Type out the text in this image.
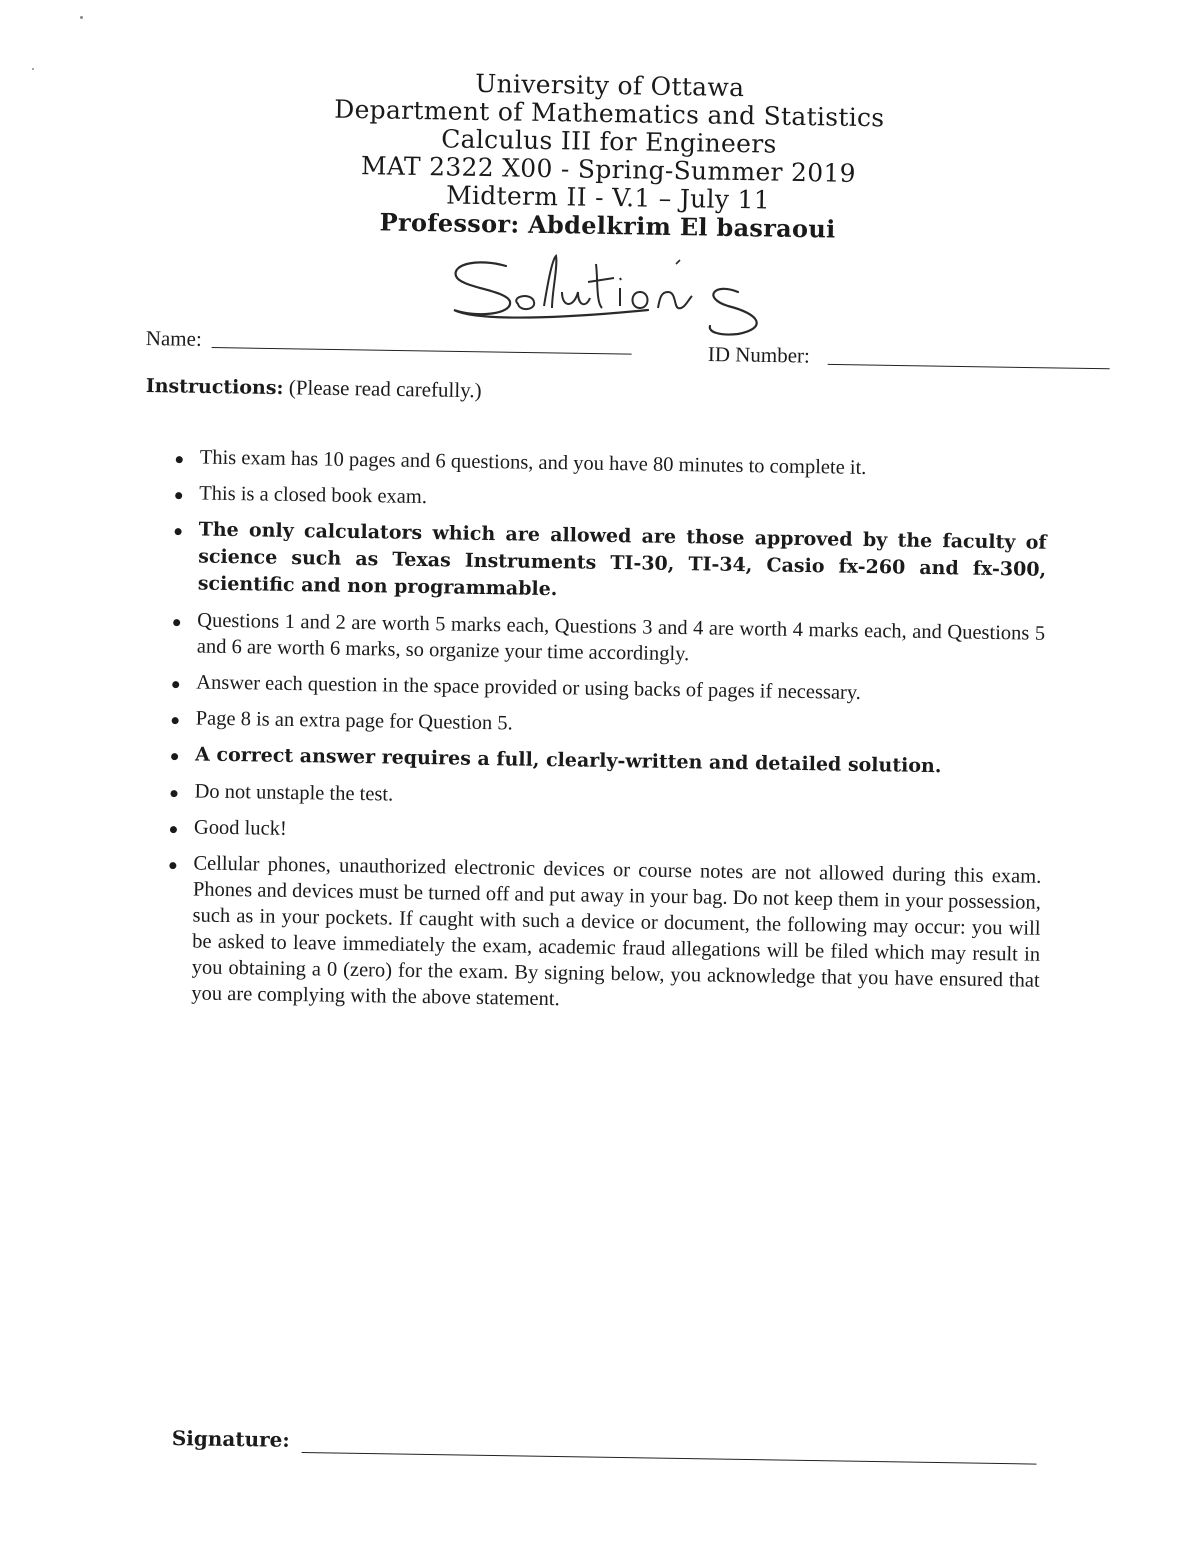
University of Ottawa
Department of Mathematics and Statistics
Calculus III for Engineers
MAT 2322 X00 - Spring-Summer 2019
Midterm II - V.1 – July 11
Professor: Abdelkrim El basraoui
Name:
ID Number:
Instructions: (Please read carefully.)
This exam has 10 pages and 6 questions, and you have 80 minutes to complete it.
This is a closed book exam.
The only calculators which are allowed are those approved by the faculty of science such as Texas Instruments TI-30, TI-34, Casio fx-260 and fx-300, scientific and non programmable.
Questions 1 and 2 are worth 5 marks each, Questions 3 and 4 are worth 4 marks each, and Questions 5 and 6 are worth 6 marks, so organize your time accordingly.
Answer each question in the space provided or using backs of pages if necessary.
Page 8 is an extra page for Question 5.
A correct answer requires a full, clearly-written and detailed solution.
Do not unstaple the test.
Good luck!
Cellular phones, unauthorized electronic devices or course notes are not allowed during this exam. Phones and devices must be turned off and put away in your bag. Do not keep them in your possession, such as in your pockets. If caught with such a device or document, the following may occur: you will be asked to leave immediately the exam, academic fraud allegations will be filed which may result in you obtaining a 0 (zero) for the exam. By signing below, you acknowledge that you have ensured that you are complying with the above statement.
Signature:
